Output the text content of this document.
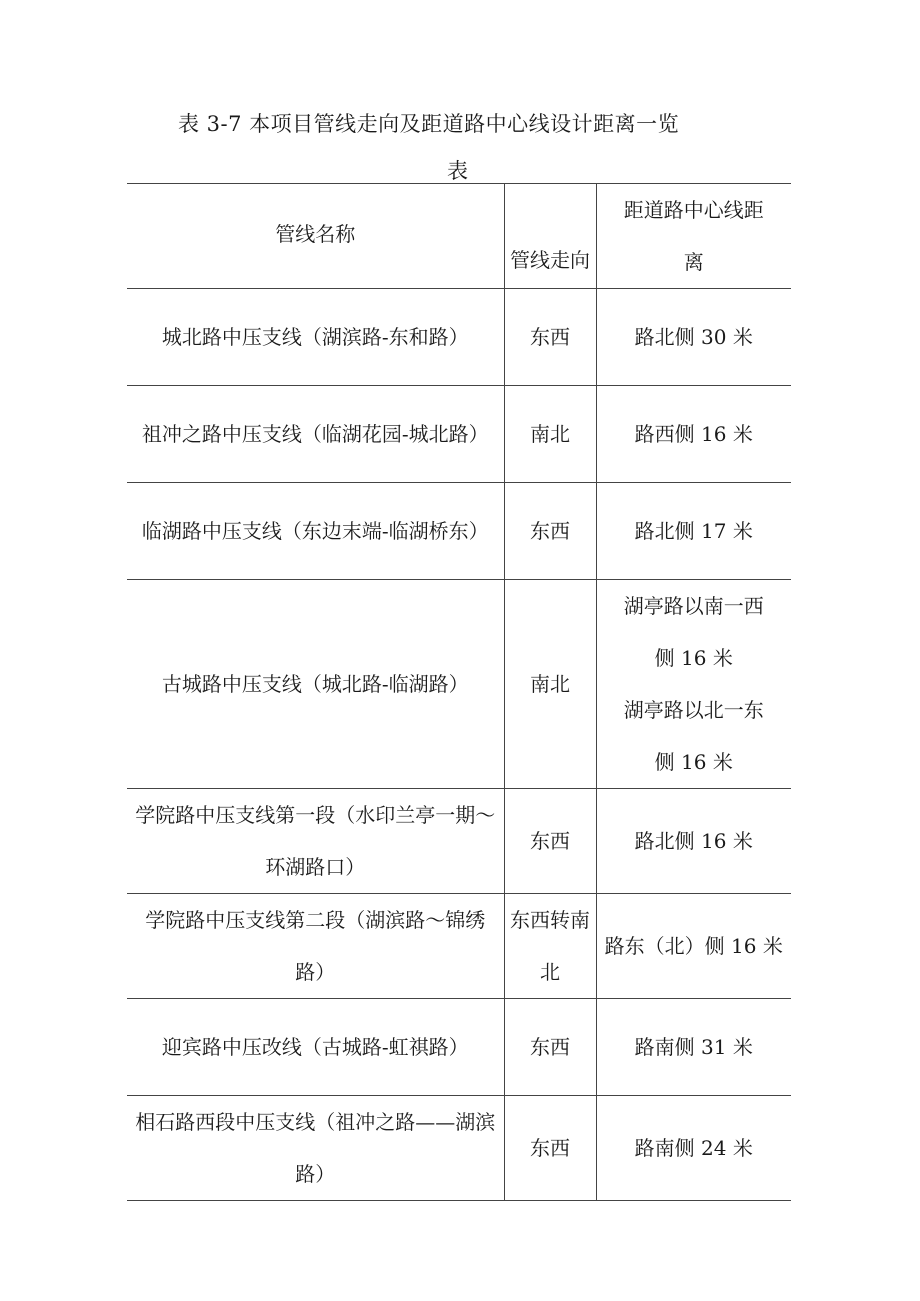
表 3-7 本项目管线走向及距道路中心线设计距离一览
表
管线名称	管线走向	距道路中心线距
离

城北路中压支线（湖滨路-东和路）	东西	路北侧 30 米
祖冲之路中压支线（临湖花园-城北路）	南北	路西侧 16 米
临湖路中压支线（东边末端-临湖桥东）	东西	路北侧 17 米
古城路中压支线（城北路-临湖路）	南北	湖亭路以南一西
侧 16 米
湖亭路以北一东
侧 16 米

学院路中压支线第一段（水印兰亭一期～环湖路口）	东西	路北侧 16 米
学院路中压支线第二段（湖滨路～锦绣路）	东西转南北	路东（北）侧 16 米
迎宾路中压改线（古城路-虹祺路）	东西	路南侧 31 米
相石路西段中压支线（祖冲之路——湖滨路）	东西	路南侧 24 米
